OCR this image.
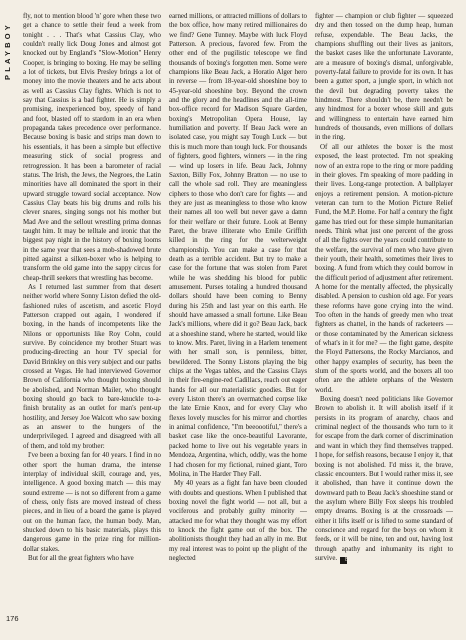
PLAYBOY

fly, not to mention blood 'n' gore when these two get a chance to settle their feud a week from tonight . . . That's what Cassius Clay, who couldn't really lick Doug Jones and almost got knocked out by England's "Slow-Motion" Henry Cooper, is bringing to boxing. He may be selling a lot of tickets, but Elvis Presley brings a lot of money into the movie theaters and he acts about as well as Cassius Clay fights. Which is not to say that Cassius is a bad fighter. He is simply a promising, inexperienced boy, speedy of hand and foot, blasted off to stardom in an era when propaganda takes precedence over performance. Because boxing is basic and strips man down to his essentials, it has been a simple but effective measuring stick of social progress and retrogression. It has been a barometer of racial status. The Irish, the Jews, the Negroes, the Latin minorities have all dominated the sport in their upward struggle toward social acceptance. Now Cassius Clay beats his big drums and rolls his clever snares, singing songs not his mother but Mad Ave and the sellout wrestling prima donnas taught him. It may be telltale and ironic that the biggest pay night in the history of boxing looms in the same year that sees a mob-shadowed brute pitted against a silken-boxer who is helping to transform the old game into the sappy circus for cheap-thrill seekers that wrestling has become.

As I returned last summer from that desert neither world where Sonny Liston defied the old-fashioned rules of ascetism, and ascetic Floyd Patterson crapped out again, I wondered if boxing, in the hands of incompetents like the Nilons or opportunists like Roy Cohn, could survive. By coincidence my brother Stuart was producing-directing an hour TV special for David Brinkley on this very subject and our paths crossed at Vegas. He had interviewed Governor Brown of California who thought boxing should be abolished, and Norman Mailer, who thought boxing should go back to bare-knuckle to-a-finish brutality as an outlet for man's pent-up hostility, and Jersey Joe Walcott who saw boxing as an answer to the hungers of the underprivileged. I agreed and disagreed with all of them, and told my brother:

I've been a boxing fan for 40 years. I find in no other sport the human drama, the intense interplay of individual skill, courage and, yes, intelligence. A good boxing match — this may sound extreme — is not so different from a game of chess, only fists are moved instead of chess pieces, and in lieu of a board the game is played out on the human face, the human body. Man, shucked down to his basic materials, plays this dangerous game in the prize ring for million-dollar stakes.

But for all the great fighters who have

earned millions, or attracted millions of dollars to the box office, how many retired millionaires do we find? Gene Tunney. Maybe with luck Floyd Patterson. A precious, favored few. From the other end of the pugilistic telescope we find thousands of boxing's forgotten men. Some were champions like Beau Jack, a Horatio Alger hero in reverse — from 18-year-old shoeshine boy to 45-year-old shoeshine boy. Beyond the crown and the glory and the headlines and the all-time box-office record for Madison Square Garden, boxing's Metropolitan Opera House, lay humiliation and poverty. If Beau Jack were an isolated case, you might say Tough Luck — but this is much more than tough luck. For thousands of fighters, good fighters, winners — in the ring — wind up losers in life. Beau Jack, Johnny Saxton, Billy Fox, Johnny Bratton — no use to call the whole sad roll. They are meaningless ciphers to those who don't care for fights — and they are just as meaningless to those who know their names all too well but never gave a damn for their welfare or their future. Look at Benny Paret, the brave illiterate who Emile Griffith killed in the ring for the welterweight championship. You can make a case for that death as a terrible accident. But try to make a case for the fortune that was stolen from Paret while he was shedding his blood for public amusement. Purses totaling a hundred thousand dollars should have been coming to Benny during his 25th and last year on this earth. He should have amassed a small fortune. Like Beau Jack's millions, where did it go? Beau Jack, back at a shoeshine stand, where he started, would like to know. Mrs. Paret, living in a Harlem tenement with her small son, is penniless, bitter, bewildered. The Sonny Listons playing the big chips at the Vegas tables, and the Cassius Clays in their fire-engine-red Cadillacs, reach out eager hands for all our materialistic goodies. But for every Liston there's an overmatched corpse like the late Ernie Knox, and for every Clay who flexes lovely muscles for his mirror and chortles in animal confidence, "I'm beeoootiful," there's a basket case like the once-beautiful Lavorante, packed home to live out his vegetable years in Mendoza, Argentina, which, oddly, was the home I had chosen for my fictional, ruined giant, Toro Molina, in The Harder They Fall.

My 40 years as a fight fan have been clouded with doubts and questions. When I published that boxing novel the fight world — not all, but a vociferous and probably guilty minority — attacked me for what they thought was my effort to knock the fight game out of the box. The abolitionists thought they had an ally in me. But my real interest was to point up the plight of the neglected

fighter — champion or club fighter — squeezed dry and then tossed on the dump heap, human refuse, expendable. The Beau Jacks, the champions shuffling out their lives as janitors, the basket cases like the unfortunate Lavorante, are a measure of boxing's dismal, unforgivable, poverty-fatal failure to provide for its own. It has been a gutter sport, a jungle sport, in which not the devil but degrading poverty takes the hindmost. There shouldn't be, there needn't be any hindmost for a boxer whose skill and guts and willingness to entertain have earned him hundreds of thousands, even millions of dollars in the ring.

Of all our athletes the boxer is the most exposed, the least protected. I'm not speaking now of an extra rope to the ring or more padding in their gloves. I'm speaking of more padding in their lives. Long-range protection. A ballplayer enjoys a retirement pension. A motion-picture veteran can turn to the Motion Picture Relief Fund, the M.P. Home. For half a century the fight game has tried out for these simple humanitarian needs. Think what just one percent of the gross of all the fights over the years could contribute to the welfare, the survival of men who have given their youth, their health, sometimes their lives to boxing. A fund from which they could borrow in the difficult period of adjustment after retirement. A home for the mentally affected, the physically disabled. A pension to cushion old age. For years these reforms have gone crying into the wind. Too often in the hands of greedy men who treat fighters as chattel, in the hands of racketeers — or those contaminated by the American sickness of what's in it for me? — the fight game, despite the Floyd Pattersons, the Rocky Marcianos, and other happy examples of security, has been the slum of the sports world, and the boxers all too often are the athlete orphans of the Western world.

Boxing doesn't need politicians like Governor Brown to abolish it. It will abolish itself if it persists in its program of anarchy, chaos and criminal neglect of the thousands who turn to it for escape from the dark corner of discrimination and want in which they find themselves trapped. I hope, for selfish reasons, because I enjoy it, that boxing is not abolished. I'd miss it, the brave, classic encounters. But I would rather miss it, see it abolished, than have it continue down the downward path to Beau Jack's shoeshine stand or the asylum where Billy Fox sleeps his troubled empty dreams. Boxing is at the crossroads — either it lifts itself or is lifted to some standard of conscience and regard for the boys on whom it feeds, or it will be nine, ten and out, having lost through apathy and inhumanity its right to survive. B

176
